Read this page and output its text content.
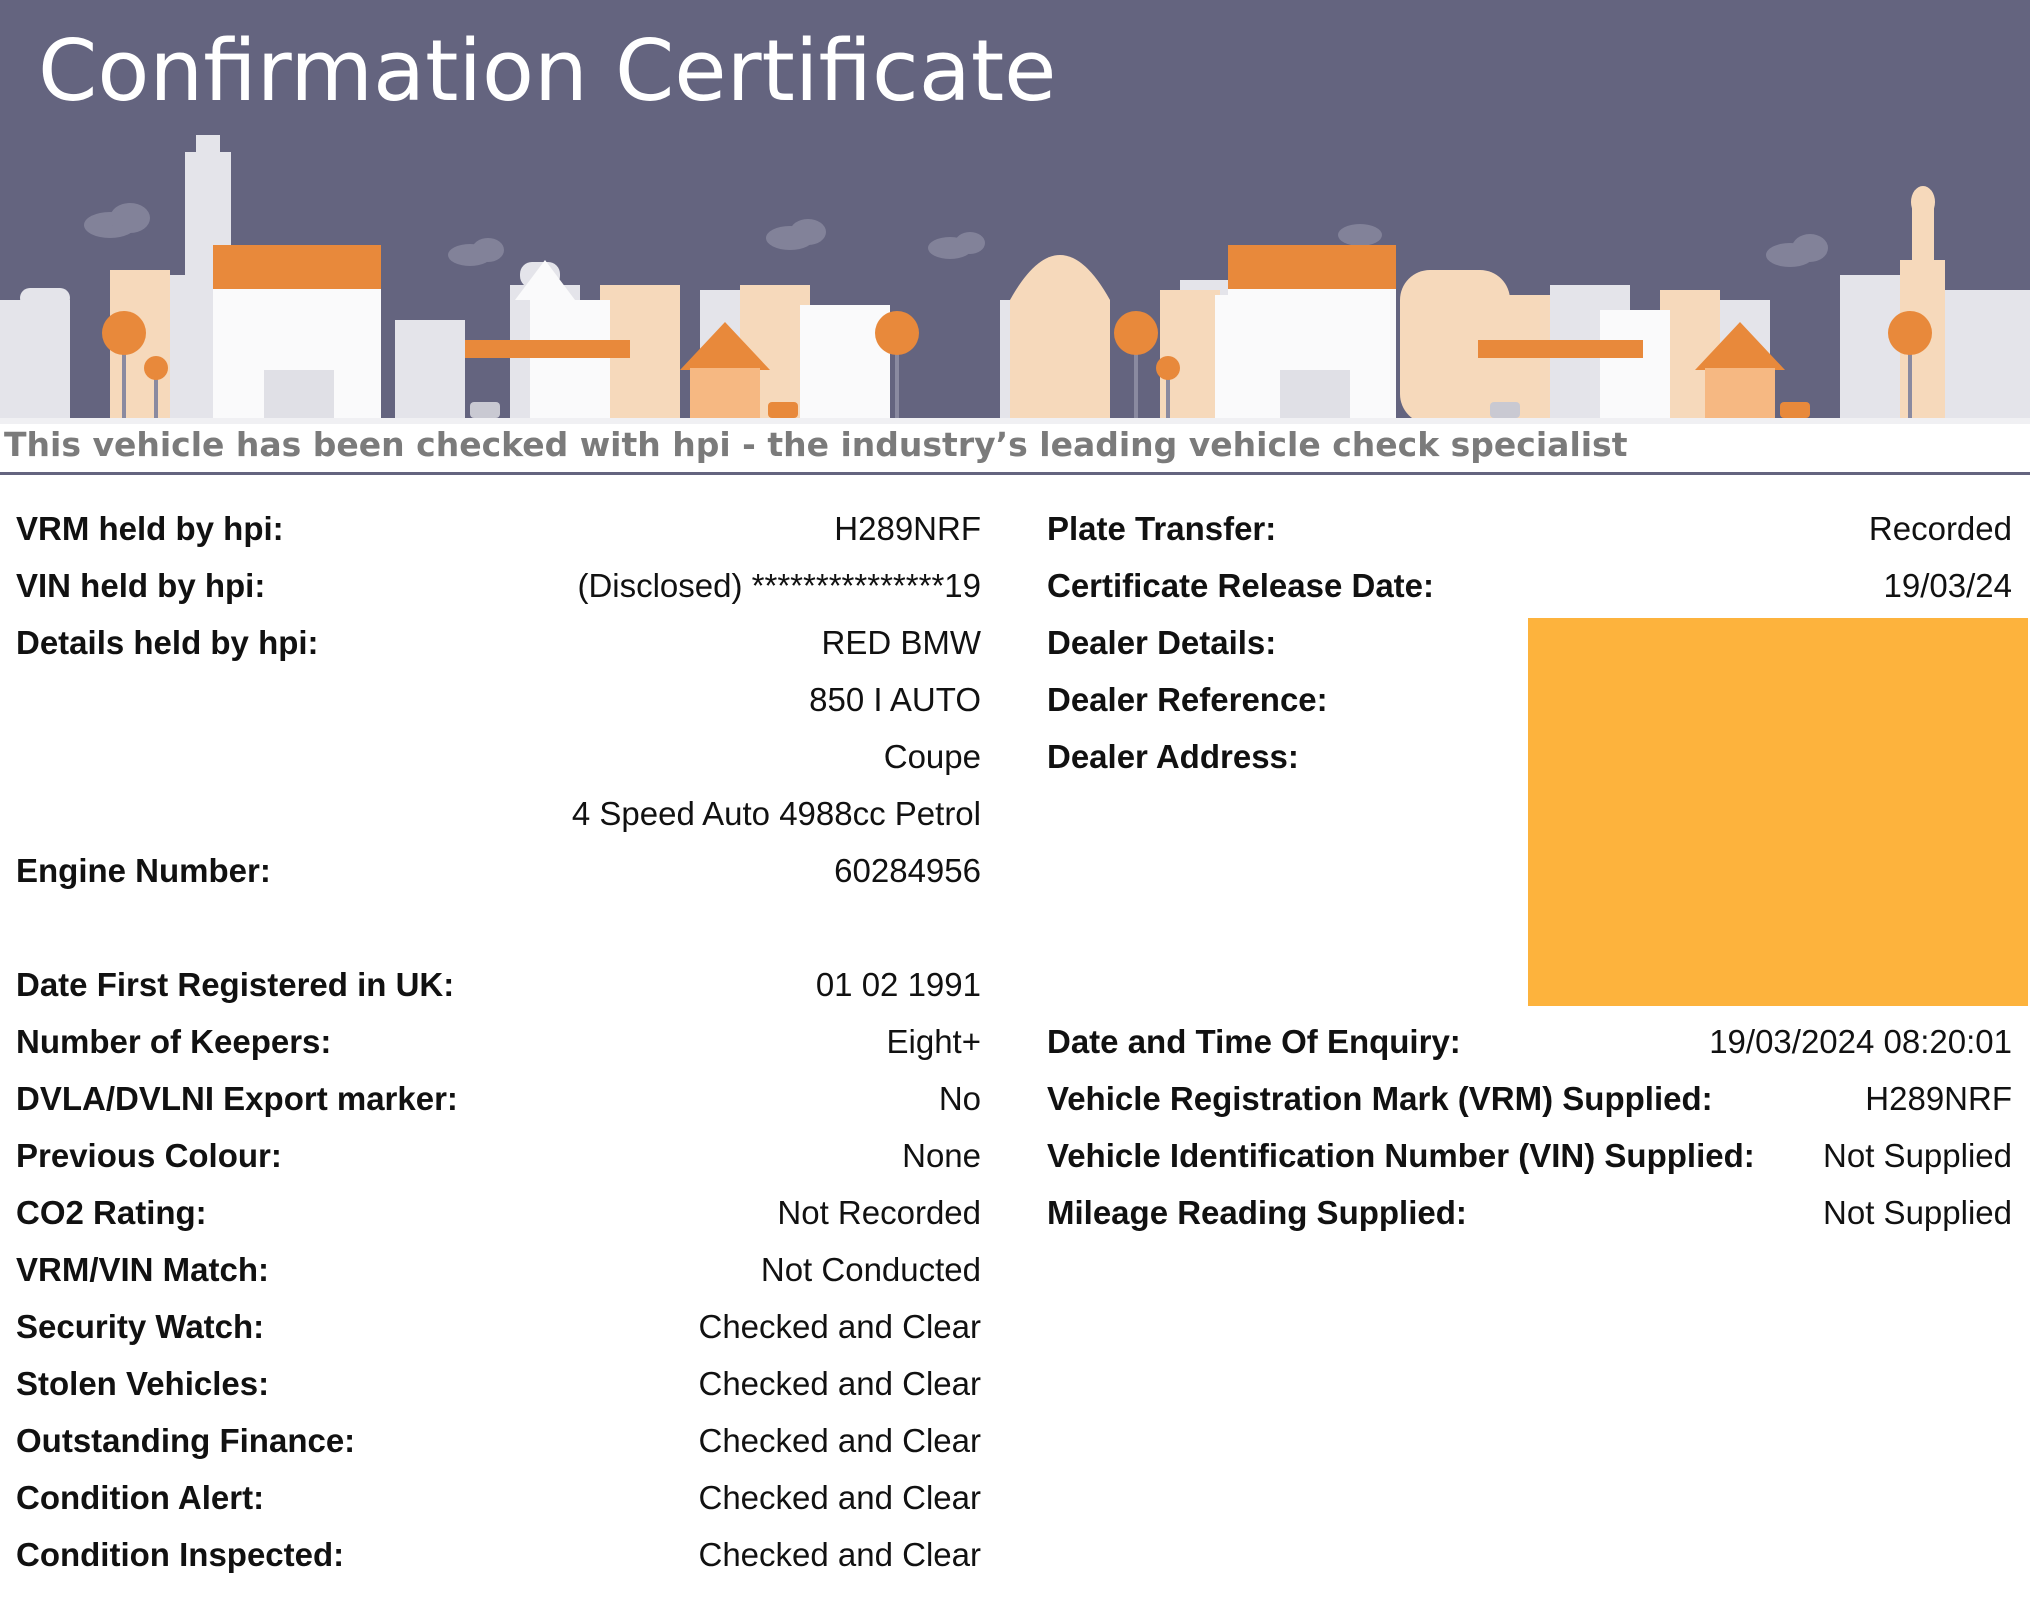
Confirmation Certificate
This vehicle has been checked with hpi - the industry’s leading vehicle check specialist
VRM held by hpi:	H289NRF
VIN held by hpi:	(Disclosed) ***************19
Details held by hpi:	RED BMW
850 I AUTO
Coupe
4 Speed Auto 4988cc Petrol
Engine Number:	60284956
Date First Registered in UK:	01 02 1991
Number of Keepers:	Eight+
DVLA/DVLNI Export marker:	No
Previous Colour:	None
CO2 Rating:	Not Recorded
VRM/VIN Match:	Not Conducted
Security Watch:	Checked and Clear
Stolen Vehicles:	Checked and Clear
Outstanding Finance:	Checked and Clear
Condition Alert:	Checked and Clear
Condition Inspected:	Checked and Clear
Plate Transfer:	Recorded
Certificate Release Date:	19/03/24
Dealer Details:
Dealer Reference:
Dealer Address:
Date and Time Of Enquiry:	19/03/2024 08:20:01
Vehicle Registration Mark (VRM) Supplied:	H289NRF
Vehicle Identification Number (VIN) Supplied: Not Supplied
Mileage Reading Supplied:	Not Supplied
